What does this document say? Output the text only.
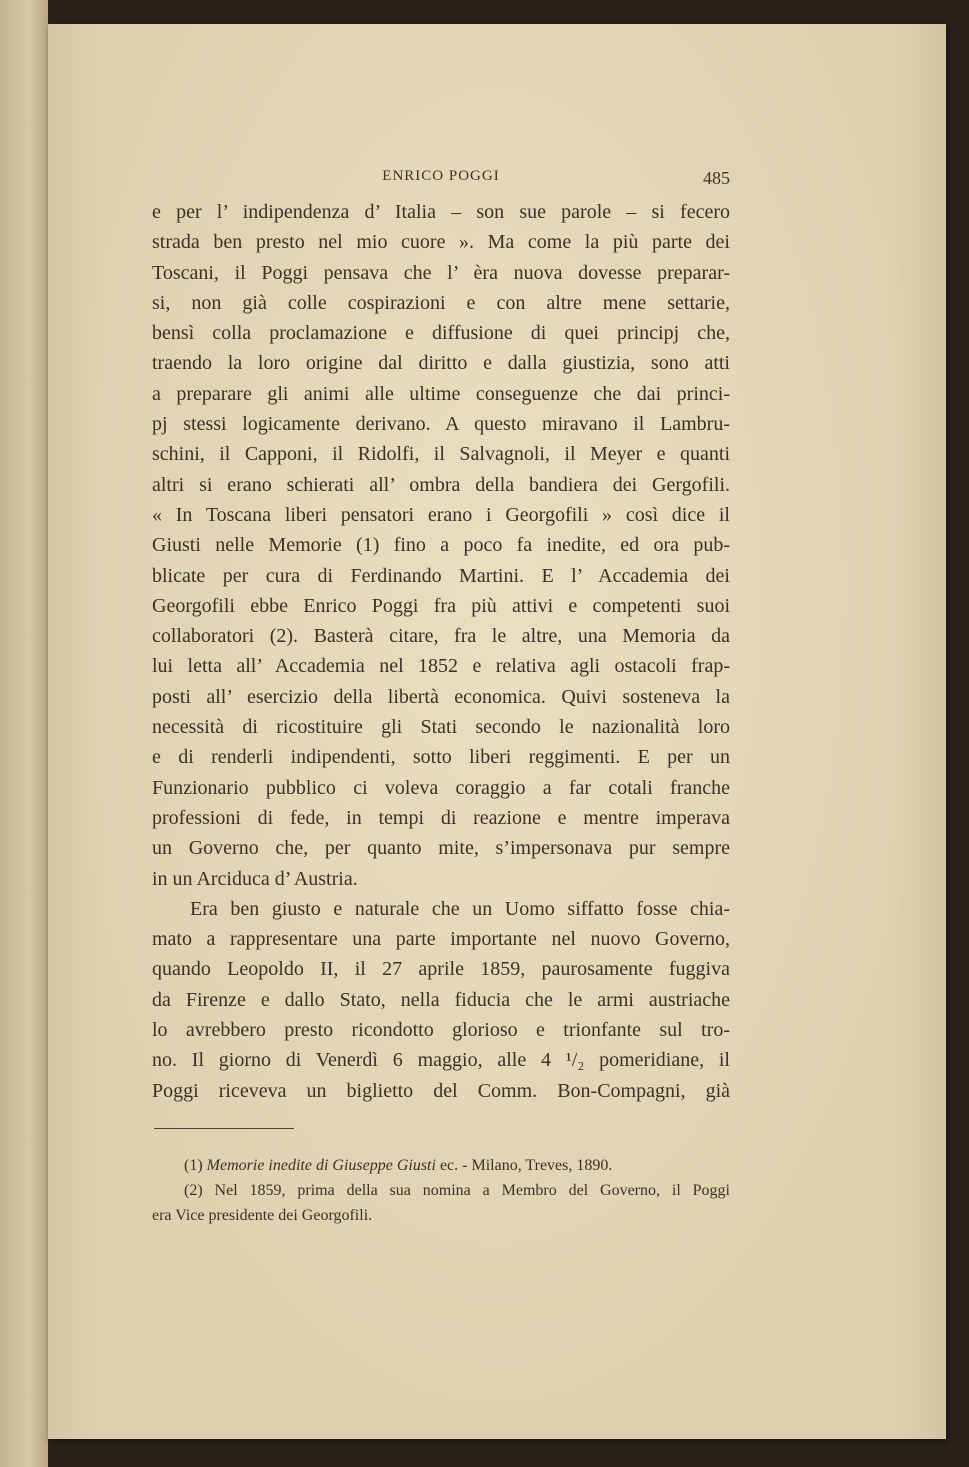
ENRICO POGGI	485
e per l’ indipendenza d’ Italia – son sue parole – si fecero
strada ben presto nel mio cuore ». Ma come la più parte dei
Toscani, il Poggi pensava che l’ èra nuova dovesse preparar-
si, non già colle cospirazioni e con altre mene settarie,
bensì colla proclamazione e diffusione di quei principj che,
traendo la loro origine dal diritto e dalla giustizia, sono atti
a preparare gli animi alle ultime conseguenze che dai princi-
pj stessi logicamente derivano. A questo miravano il Lambru-
schini, il Capponi, il Ridolfi, il Salvagnoli, il Meyer e quanti
altri si erano schierati all’ ombra della bandiera dei Gergofili.
« In Toscana liberi pensatori erano i Georgofili » così dice il
Giusti nelle Memorie (1) fino a poco fa inedite, ed ora pub-
blicate per cura di Ferdinando Martini. E l’ Accademia dei
Georgofili ebbe Enrico Poggi fra più attivi e competenti suoi
collaboratori (2). Basterà citare, fra le altre, una Memoria da
lui letta all’ Accademia nel 1852 e relativa agli ostacoli frap-
posti all’ esercizio della libertà economica. Quivi sosteneva la
necessità di ricostituire gli Stati secondo le nazionalità loro
e di renderli indipendenti, sotto liberi reggimenti. E per un
Funzionario pubblico ci voleva coraggio a far cotali franche
professioni di fede, in tempi di reazione e mentre imperava
un Governo che, per quanto mite, s’impersonava pur sempre
in un Arciduca d’ Austria.
Era ben giusto e naturale che un Uomo siffatto fosse chia-
mato a rappresentare una parte importante nel nuovo Governo,
quando Leopoldo II, il 27 aprile 1859, paurosamente fuggiva
da Firenze e dallo Stato, nella fiducia che le armi austriache
lo avrebbero presto ricondotto glorioso e trionfante sul tro-
no. Il giorno di Venerdì 6 maggio, alle 4 ¹/₂ pomeridiane, il
Poggi riceveva un biglietto del Comm. Bon-Compagni, già
(1) Memorie inedite di Giuseppe Giusti ec. - Milano, Treves, 1890.
(2) Nel 1859, prima della sua nomina a Membro del Governo, il Poggi
era Vice presidente dei Georgofili.
